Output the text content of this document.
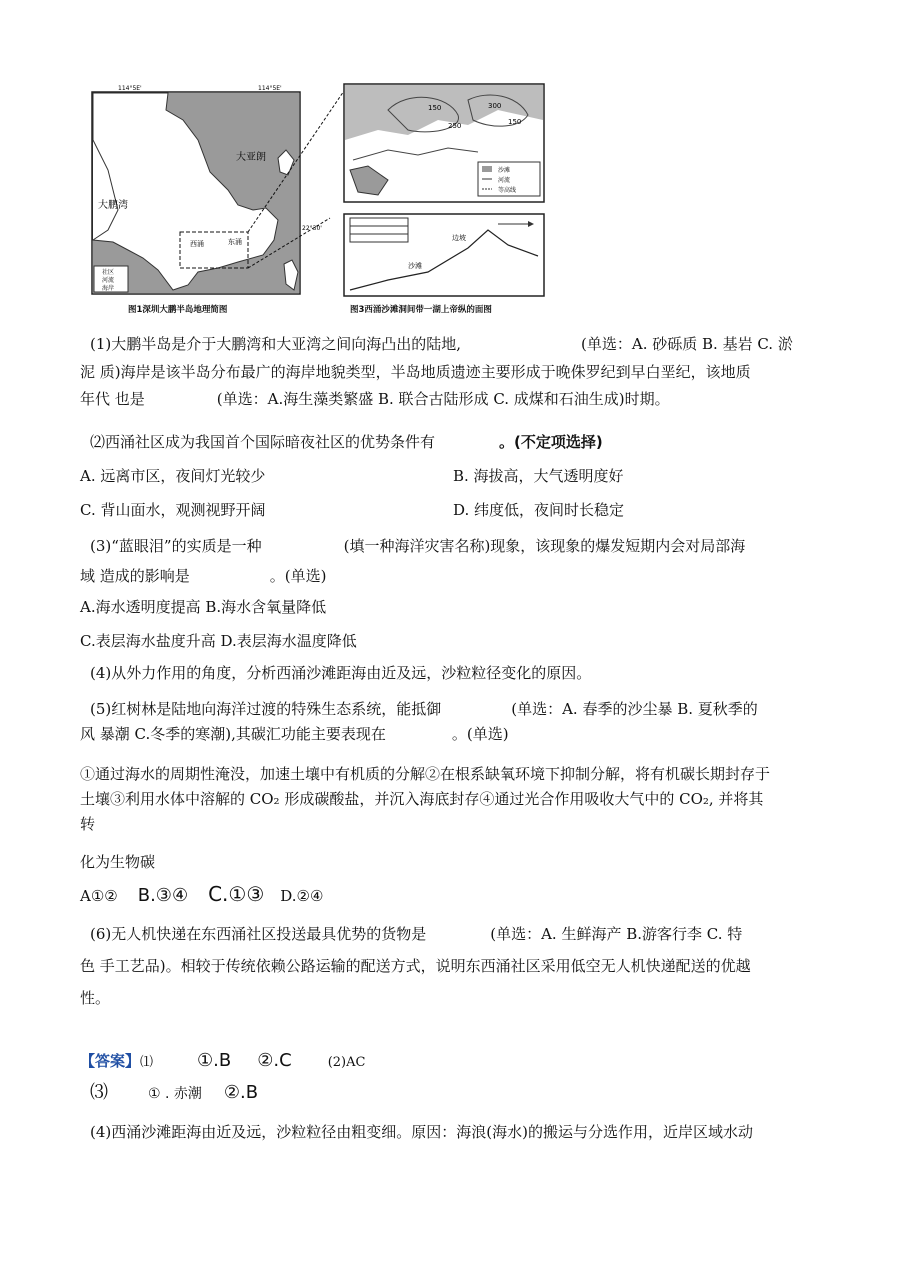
大亚朗
大鹏湾
114°5E'	114°5E'
22°30'
西涌	东涌
社区
河流
海岸
150
250
300
150
沙滩
河流
等高线
沙滩
边坡
图1深圳大鹏半岛地理简图	图3西涌沙滩洞间带一湖上帝纵的面图
(1)大鹏半岛是介于大鹏湾和大亚湾之间向海凸出的陆地,	(单选：A. 砂砾质 B. 基岩 C. 淤
泥 质)海岸是该半岛分布最广的海岸地貌类型，半岛地质遗迹主要形成于晚侏罗纪到早白垩纪，该地质
年代 也是	(单选：A.海生藻类繁盛 B. 联合古陆形成 C. 成煤和石油生成)时期。
⑵西涌社区成为我国首个国际暗夜社区的优势条件有	。(不定项选择)
A. 远离市区，夜间灯光较少	B. 海拔高，大气透明度好
C. 背山面水，观测视野开阔	D. 纬度低，夜间时长稳定
(3)“蓝眼泪”的实质是一种	(填一种海洋灾害名称)现象，该现象的爆发短期内会对局部海
域 造成的影响是	。(单选)
A.海水透明度提高 B.海水含氧量降低
C.表层海水盐度升高 D.表层海水温度降低
(4)从外力作用的角度，分析西涌沙滩距海由近及远，沙粒粒径变化的原因。
(5)红树林是陆地向海洋过渡的特殊生态系统，能抵御	(单选：A. 春季的沙尘暴 B. 夏秋季的
风 暴潮 C.冬季的寒潮),其碳汇功能主要表现在	。(单选)
①通过海水的周期性淹没，加速土壤中有机质的分解②在根系缺氧环境下抑制分解，将有机碳长期封存于
土壤③利用水体中溶解的 CO₂ 形成碳酸盐，并沉入海底封存④通过光合作用吸收大气中的 CO₂, 并将其
转
化为生物碳
A①② B.③④ C.①③ D.②④
(6)无人机快递在东西涌社区投送最具优势的货物是	(单选：A. 生鲜海产 B.游客行李 C. 特
色 手工艺品)。相较于传统依赖公路运输的配送方式，说明东西涌社区采用低空无人机快递配送的优越
性。
【答案】⑴ ①.B ②.C	(2)AC
⑶	① . 赤潮 ②.B
(4)西涌沙滩距海由近及远，沙粒粒径由粗变细。原因：海浪(海水)的搬运与分选作用，近岸区域水动
